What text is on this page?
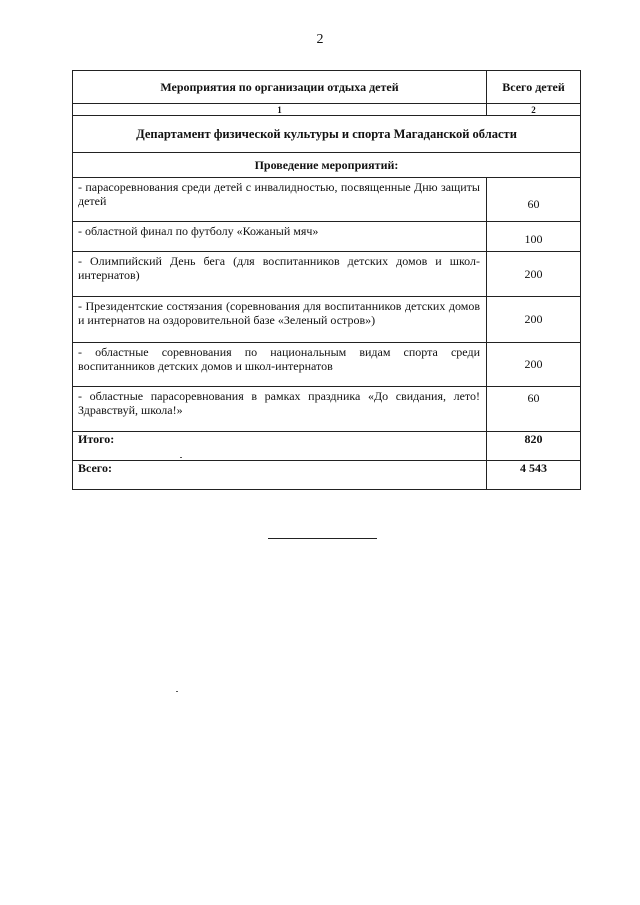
2
Мероприятия по организации отдыха детей	Всего детей
1	2
Департамент физической культуры и спорта Магаданской области	
Проведение мероприятий:	
- парасоревнования среди детей с инвалидностью, посвященные Дню защиты детей	60
- областной финал по футболу «Кожаный мяч»	100
- Олимпийский День бега (для воспитанников детских домов и школ-интернатов)	200
- Президентские состязания (соревнования для воспитанников детских домов и интернатов на оздоровительной базе «Зеленый остров»)	200
- областные соревнования по национальным видам спорта среди воспитанников детских домов и школ-интернатов	200
- областные парасоревнования в рамках праздника «До свидания, лето! Здравствуй, школа!»	60
Итого:	820
Всего:	4 543
